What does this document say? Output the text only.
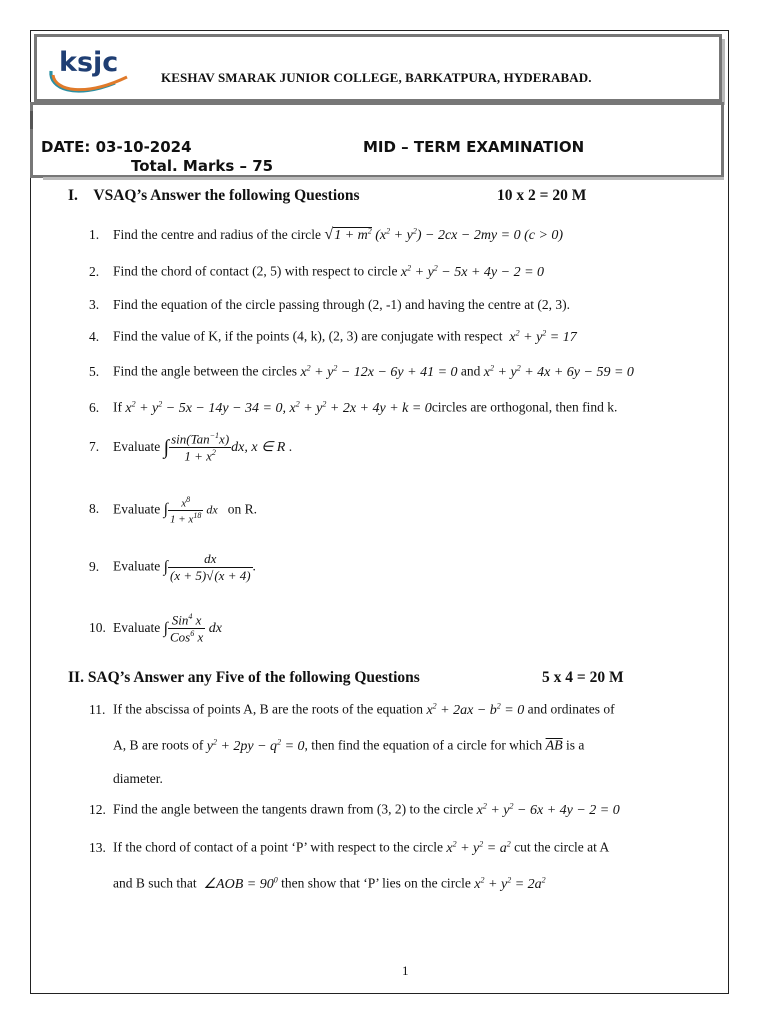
ksjc	KESHAV SMARAK JUNIOR COLLEGE, BARKATPURA, HYDERABAD.
DATE: 03-10-2024
Total. Marks – 75
MID – TERM EXAMINATION
I. VSAQ’s Answer the following Questions	10 x 2 = 20 M
1. Find the centre and radius of the circle $√1 + m^2$ $(x^2 + y^2) - 2cx - 2my = 0$ (c > 0)
2. Find the chord of contact (2, 5) with respect to circle $x^2 + y^2 - 5x + 4y - 2 = 0$
3. Find the equation of the circle passing through (2, -1) and having the centre at (2, 3).
4. Find the value of K, if the points (4, k), (2, 3) are conjugate with respect  $x^2 + y^2 = 17$
5. Find the angle between the circles $x^2 + y^2 - 12x - 6y + 41 = 0$ and $x^2 + y^2 + 4x + 6y - 59 = 0$
6. If $x^2 + y^2 - 5x - 14y - 34 = 0$, $x^2 + y^2 + 2x + 4y + k$ = 0circles are orthogonal, then find k.
7. Evaluate ∫ $\frac{\sin(Tan^{-1}x)}{1 + x^2}$ dx, x ∈ R .
8. Evaluate ∫ $\frac{x^8}{1 + x^{18}}$ dx on R.
9. Evaluate ∫ $\frac{dx}{(x + 5)√(x + 4)}$ .
10. Evaluate ∫ $\frac{Sin^4 x}{Cos^6 x}$ dx
II. SAQ’s Answer any Five of the following Questions	5 x 4 = 20 M
11. If the abscissa of points A, B are the roots of the equation $x^2 + 2ax - b^2 = 0$ and ordinates of
A, B are roots of $y^2 + 2py - q^2 = 0$, then find the equation of a circle for which $\overline{AB}$ is a
diameter.
12. Find the angle between the tangents drawn from (3, 2) to the circle $x^2 + y^2 - 6x + 4y - 2 = 0$
13. If the chord of contact of a point ‘P’ with respect to the circle $x^2 + y^2 = a^2$ cut the circle at A
and B such that  ∠AOB = $90^0$ then show that ‘P’ lies on the circle $x^2 + y^2 = 2a^2$
1
